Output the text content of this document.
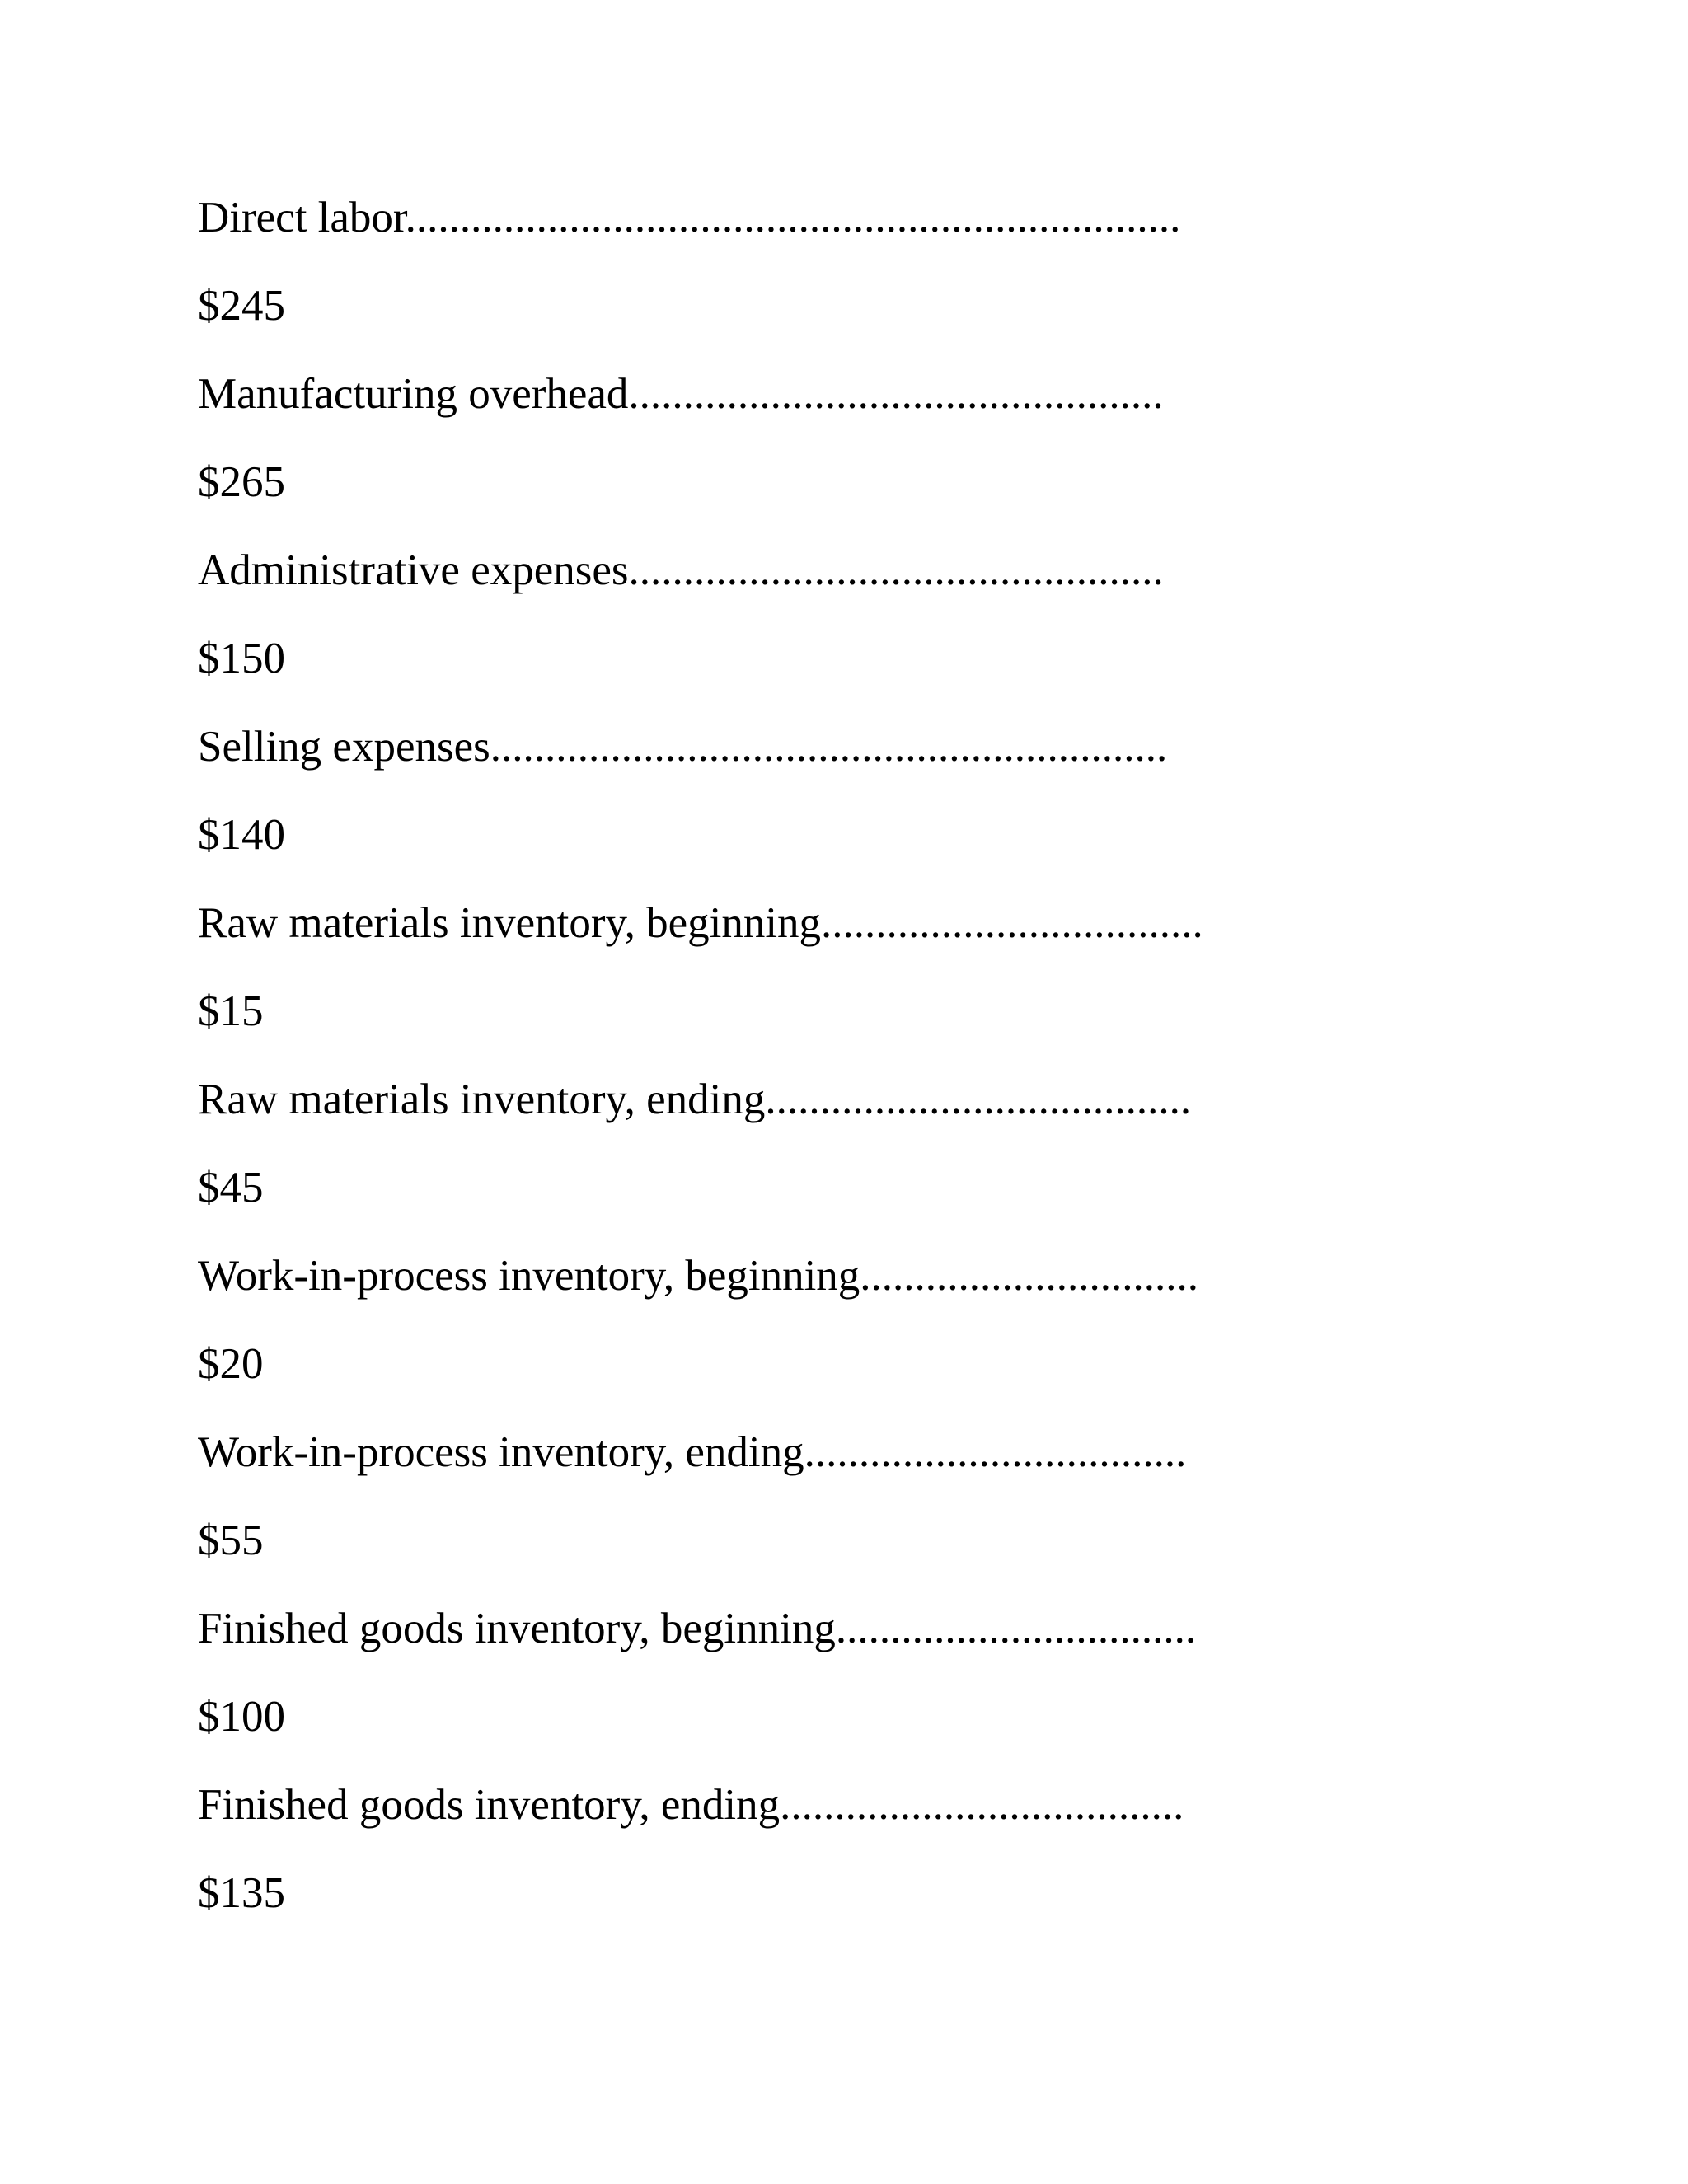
Direct labor.......................................................................
$245
Manufacturing overhead.................................................
$265
Administrative expenses.................................................
$150
Selling expenses..............................................................
$140
Raw materials inventory, beginning...................................
$15
Raw materials inventory, ending.......................................
$45
Work-in-process inventory, beginning...............................
$20
Work-in-process inventory, ending...................................
$55
Finished goods inventory, beginning.................................
$100
Finished goods inventory, ending.....................................
$135
